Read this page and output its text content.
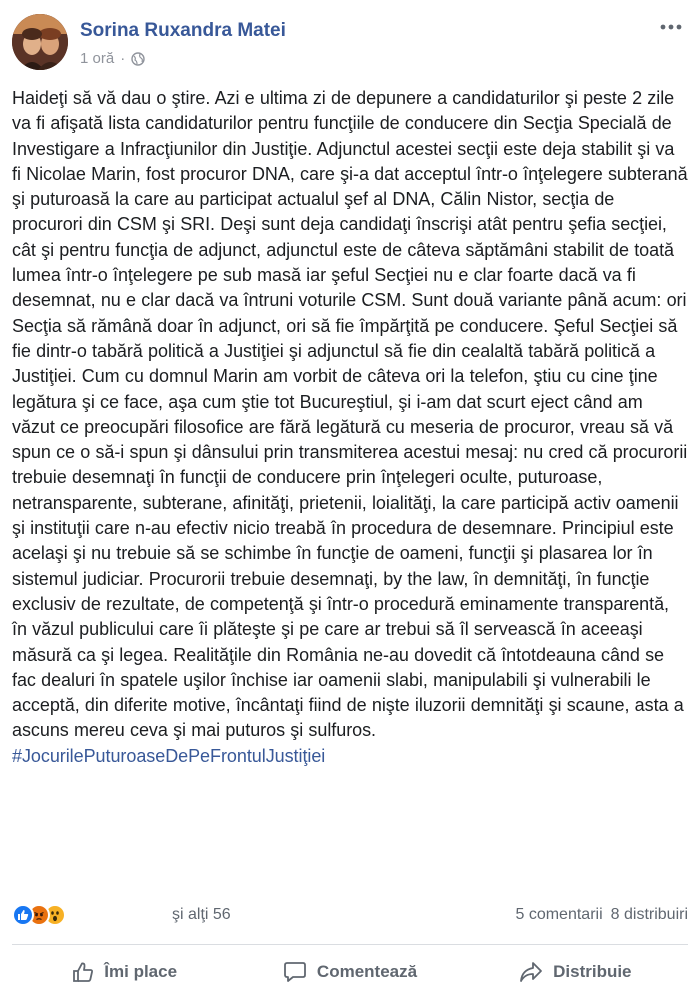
Sorina Ruxandra Matei
1 oră ·
Haideţi să vă dau o ştire. Azi e ultima zi de depunere a candidaturilor şi peste 2 zile va fi afişată lista candidaturilor pentru funcţiile de conducere din Secţia Specială de Investigare a Infracţiunilor din Justiţie. Adjunctul acestei secţii este deja stabilit şi va fi Nicolae Marin, fost procuror DNA, care şi-a dat acceptul într-o înţelegere subterană şi puturoasă la care au participat actualul şef al DNA, Călin Nistor, secţia de procurori din CSM şi SRI. Deşi sunt deja candidaţi înscrişi atât pentru şefia secţiei, cât şi pentru funcţia de adjunct, adjunctul este de câteva săptămâni stabilit de toată lumea într-o înţelegere pe sub masă iar şeful Secţiei nu e clar foarte dacă va fi desemnat, nu e clar dacă va întruni voturile CSM. Sunt două variante până acum: ori Secţia să rămână doar în adjunct, ori să fie împărţită pe conducere. Şeful Secţiei să fie dintr-o tabără politică a Justiţiei şi adjunctul să fie din cealaltă tabără politică a Justiţiei. Cum cu domnul Marin am vorbit de câteva ori la telefon, ştiu cu cine ţine legătura şi ce face, aşa cum ştie tot Bucureştiul, şi i-am dat scurt eject când am văzut ce preocupări filosofice are fără legătură cu meseria de procuror, vreau să vă spun ce o să-i spun şi dânsului prin transmiterea acestui mesaj: nu cred că procurorii trebuie desemnaţi în funcţii de conducere prin înţelegeri oculte, puturoase, netransparente, subterane, afinităţi, prietenii, loialităţi, la care participă activ oamenii şi instituţii care n-au efectiv nicio treabă în procedura de desemnare. Principiul este acelaşi şi nu trebuie să se schimbe în funcţie de oameni, funcţii şi plasarea lor în sistemul judiciar. Procurorii trebuie desemnaţi, by the law, în demnităţi, în funcţie exclusiv de rezultate, de competenţă şi într-o procedură eminamente transparentă, în văzul publicului care îi plăteşte şi pe care ar trebui să îl servească în aceeaşi măsură ca şi legea. Realităţile din România ne-au dovedit că întotdeauna când se fac dealuri în spatele uşilor închise iar oamenii slabi, manipulabili şi vulnerabili le acceptă, din diferite motive, încântaţi fiind de nişte iluzorii demnităţi şi scaune, asta a ascuns mereu ceva şi mai puturos şi sulfuros.
#JocurilePuturoaseDePeFrontulJustiţiei
şi alţi 56	5 comentarii 8 distribuiri
Îmi place	Comentează	Distribuie
